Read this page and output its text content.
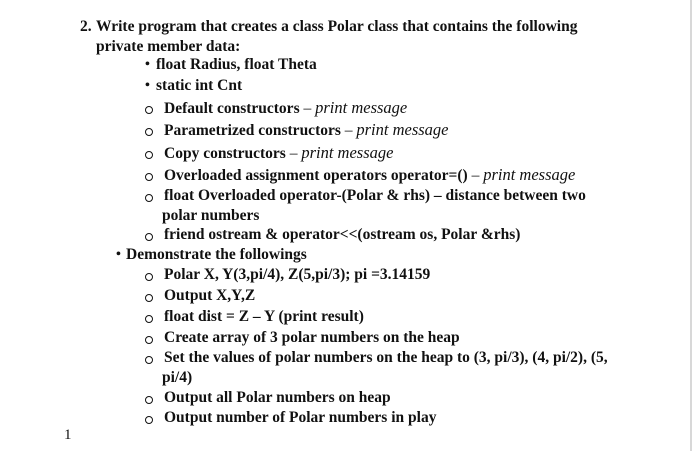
2. Write program that creates a class Polar class that contains the following
private member data:
• float Radius, float Theta
• static int Cnt
Default constructors – print message
Parametrized constructors – print message
Copy constructors – print message
Overloaded assignment operators operator=() – print message
float Overloaded operator-(Polar & rhs) – distance between two
polar numbers
friend ostream & operator<<(ostream os, Polar &rhs)
• Demonstrate the followings
Polar X, Y(3,pi/4), Z(5,pi/3); pi =3.14159
Output X,Y,Z
float dist = Z – Y (print result)
Create array of 3 polar numbers on the heap
Set the values of polar numbers on the heap to (3, pi/3), (4, pi/2), (5,
pi/4)
Output all Polar numbers on heap
Output number of Polar numbers in play
1
